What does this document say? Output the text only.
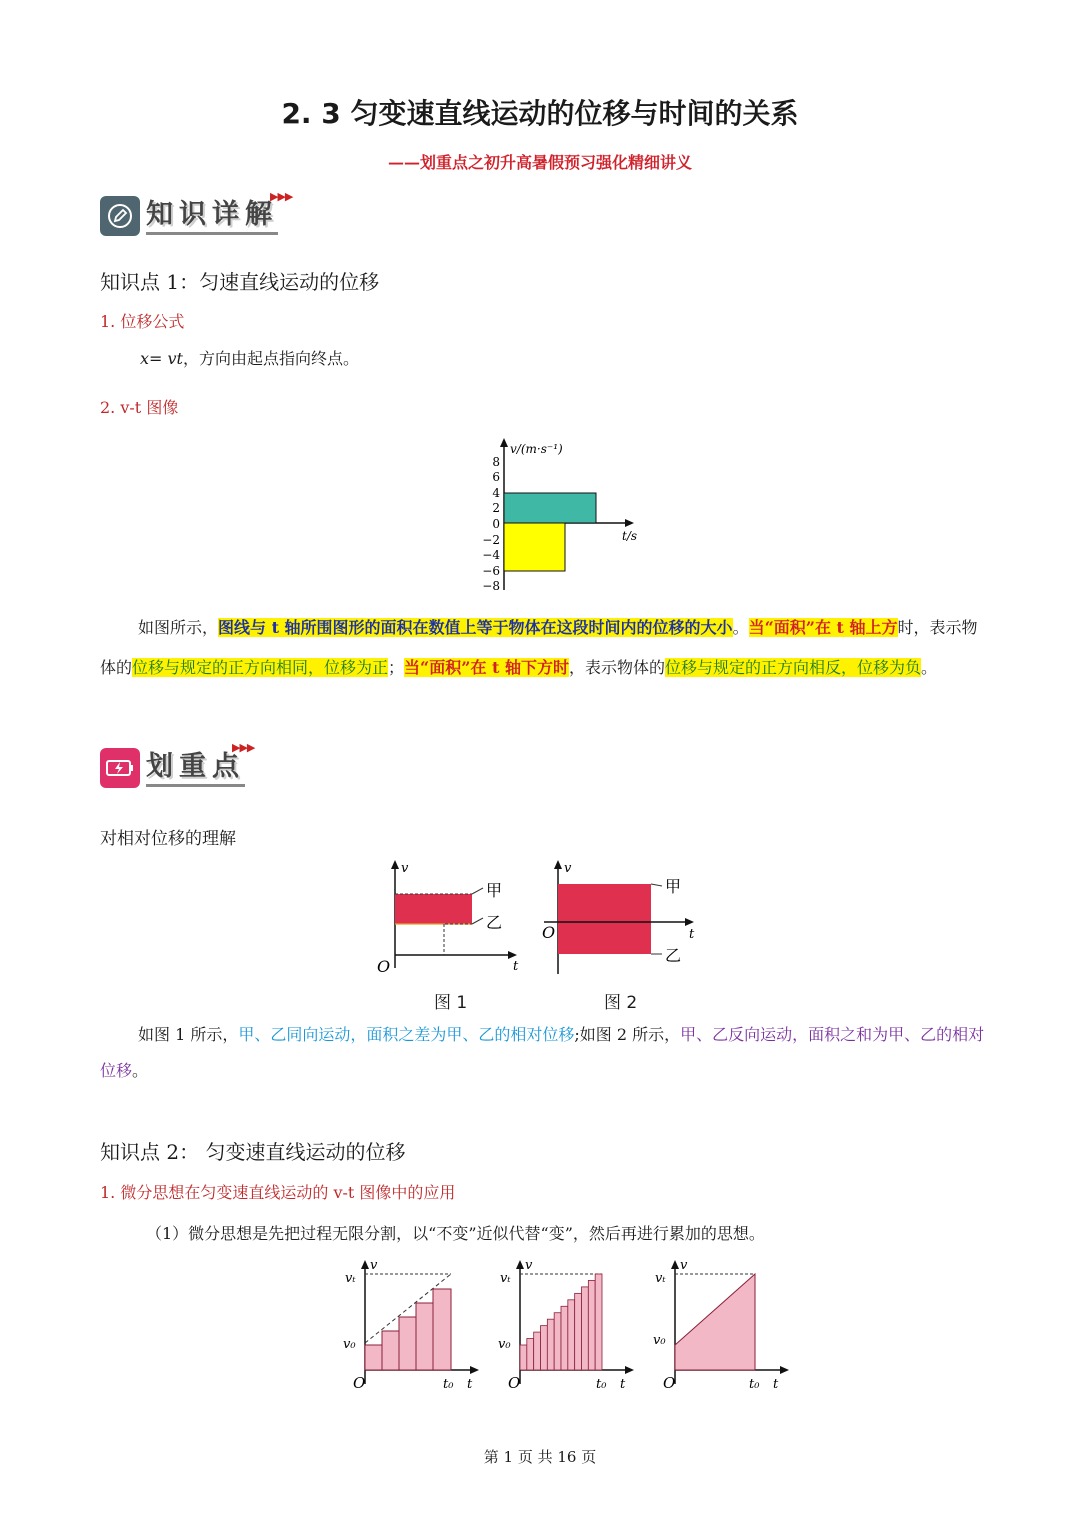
2. 3 匀变速直线运动的位移与时间的关系
——划重点之初升高暑假预习强化精细讲义
知识详解
▶▶▶
知识点 1：匀速直线运动的位移
1. 位移公式
x= vt，方向由起点指向终点。
2. v-t 图像
v/(m·s⁻¹)
t/s
8
6
4
2
0
−2
−4
−6
−8
如图所示，图线与 t 轴所围图形的面积在数值上等于物体在这段时间内的位移的大小。当“面积”在 t 轴上方时，表示物体的位移与规定的正方向相同，位移为正；当“面积”在 t 轴下方时，表示物体的位移与规定的正方向相反，位移为负。
划重点
▶▶▶
对相对位移的理解
v
t
O
甲
乙
图 1
v
t
O
甲
乙
图 2
如图 1 所示，甲、乙同向运动，面积之差为甲、乙的相对位移;如图 2 所示，甲、乙反向运动，面积之和为甲、乙的相对位移。
知识点 2： 匀变速直线运动的位移
1. 微分思想在匀变速直线运动的 v-t 图像中的应用
（1）微分思想是先把过程无限分割，以“不变”近似代替“变”，然后再进行累加的思想。
vₜ
v
v₀
O	t₀ t
vₜ
v
v₀
O	t₀ t
vₜ
v
v₀
O	t₀ t
第 1 页 共 16 页
